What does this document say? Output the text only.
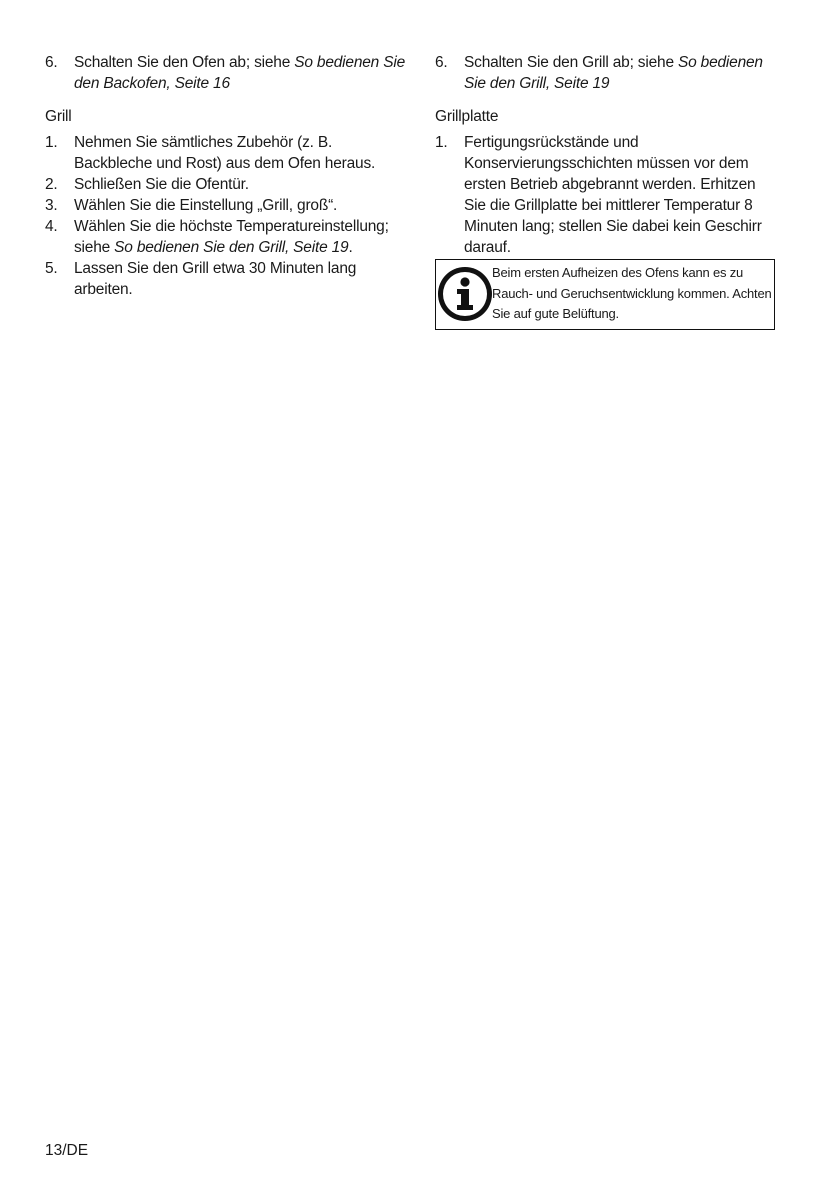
6. Schalten Sie den Ofen ab; siehe So bedienen Sie den Backofen, Seite 16
Grill
1. Nehmen Sie sämtliches Zubehör (z. B. Backbleche und Rost) aus dem Ofen heraus.
2. Schließen Sie die Ofentür.
3. Wählen Sie die Einstellung „Grill, groß“.
4.	Wählen Sie die höchste Temperatureinstellung; siehe So bedienen Sie den Grill, Seite 19.
5. Lassen Sie den Grill etwa 30 Minuten lang arbeiten.
6. Schalten Sie den Grill ab; siehe So bedienen Sie den Grill, Seite 19
Grillplatte
1. Fertigungsrückstände und Konservierungsschichten müssen vor dem ersten Betrieb abgebrannt werden. Erhitzen Sie die Grillplatte bei mittlerer Temperatur 8 Minuten lang; stellen Sie dabei kein Geschirr darauf.
Beim ersten Aufheizen des Ofens kann es zu Rauch- und Geruchsentwicklung kommen. Achten Sie auf gute Belüftung.
13/DE
